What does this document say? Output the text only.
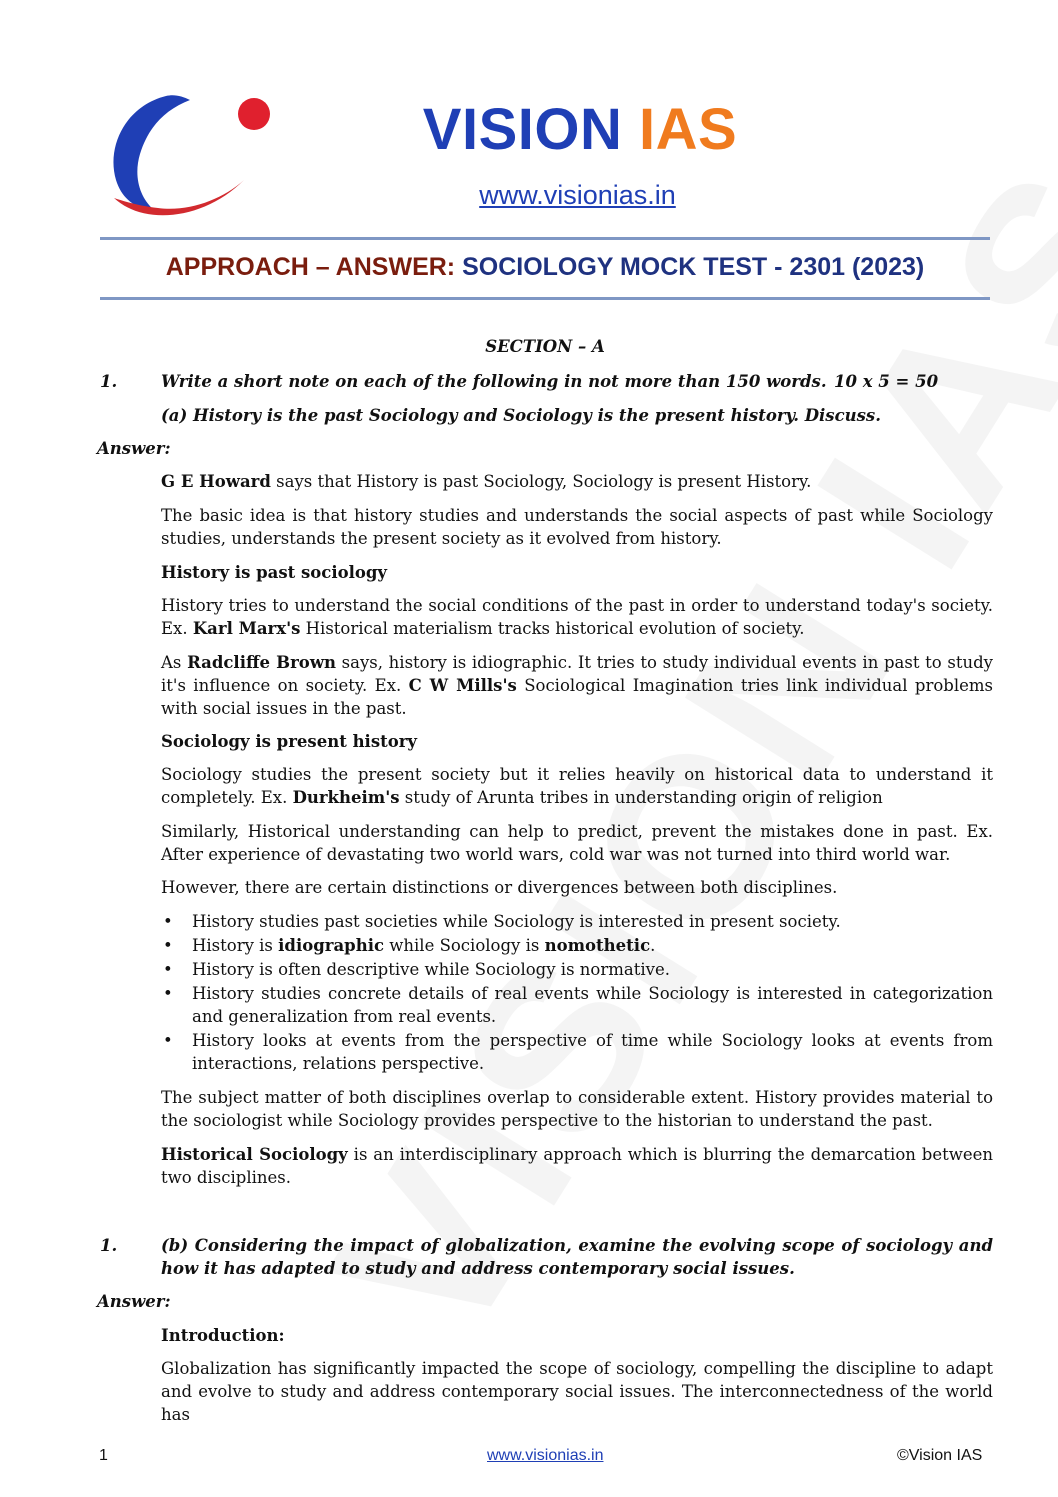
VISION IAS
www.visionias.in
APPROACH – ANSWER: SOCIOLOGY MOCK TEST - 2301 (2023)
SECTION – A
1.	Write a short note on each of the following in not more than 150 words. 10 x 5 = 50
(a) History is the past Sociology and Sociology is the present history. Discuss.
Answer:
G E Howard says that History is past Sociology, Sociology is present History.
The basic idea is that history studies and understands the social aspects of past while Sociology studies, understands the present society as it evolved from history.
History is past sociology
History tries to understand the social conditions of the past in order to understand today's society. Ex. Karl Marx's Historical materialism tracks historical evolution of society.
As Radcliffe Brown says, history is idiographic. It tries to study individual events in past to study it's influence on society. Ex. C W Mills's Sociological Imagination tries link individual problems with social issues in the past.
Sociology is present history
Sociology studies the present society but it relies heavily on historical data to understand it completely. Ex. Durkheim's study of Arunta tribes in understanding origin of religion
Similarly, Historical understanding can help to predict, prevent the mistakes done in past. Ex. After experience of devastating two world wars, cold war was not turned into third world war.
However, there are certain distinctions or divergences between both disciplines.
• History studies past societies while Sociology is interested in present society.
• History is idiographic while Sociology is nomothetic.
• History is often descriptive while Sociology is normative.
• History studies concrete details of real events while Sociology is interested in categorization and generalization from real events.
• History looks at events from the perspective of time while Sociology looks at events from interactions, relations perspective.
The subject matter of both disciplines overlap to considerable extent. History provides material to the sociologist while Sociology provides perspective to the historian to understand the past.
Historical Sociology is an interdisciplinary approach which is blurring the demarcation between two disciplines.
1.	(b) Considering the impact of globalization, examine the evolving scope of sociology and how it has adapted to study and address contemporary social issues.
Answer:
Introduction:
Globalization has significantly impacted the scope of sociology, compelling the discipline to adapt and evolve to study and address contemporary social issues. The interconnectedness of the world has
1	www.visionias.in	©Vision IAS
